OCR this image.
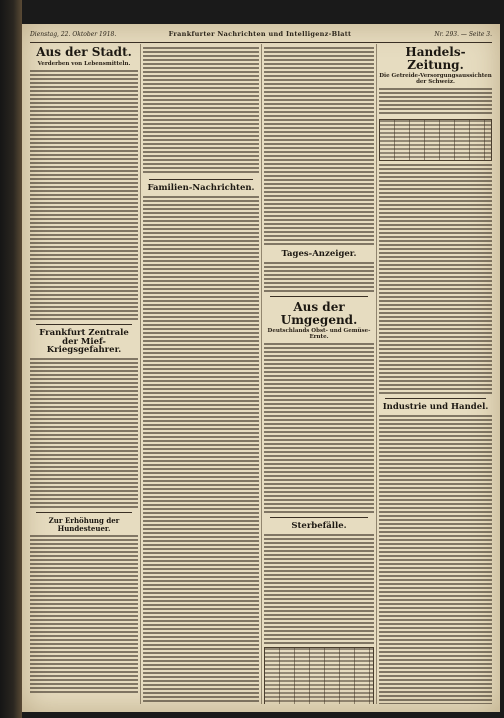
Dienstag, 22. Oktober 1918.	Frankfurter Nachrichten und Intelligenz-Blatt	Nr. 293. — Seite 3.
Aus der Stadt.
Verderben von Lebensmitteln.
Frankfurt Zentrale der Mief-Kriegsgefahrer.
Zur Erhöhung der Hundesteuer.
Familien-Nachrichten.
Tages-Anzeiger.
Aus der Umgegend.
Deutschlands Obst- und Gemüse-Ernte.
Sterbefälle.
Handels-Zeitung.
Die Getreide-Versorgungsaussichten der Schweiz.
Industrie und Handel.
